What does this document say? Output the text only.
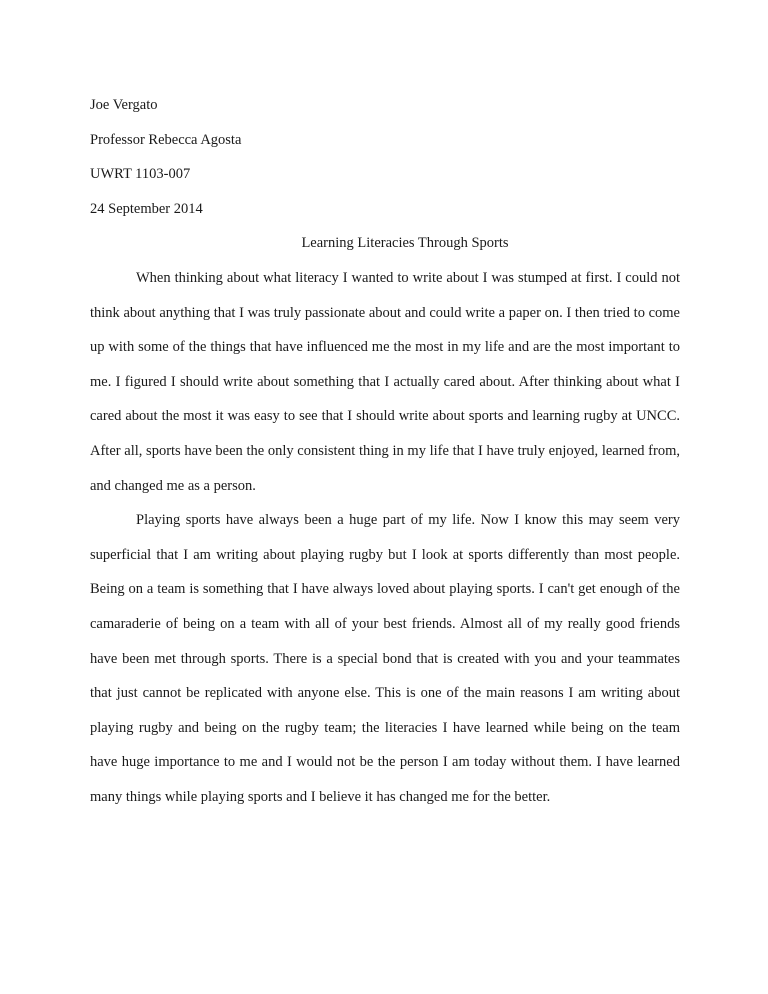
Joe Vergato
Professor Rebecca Agosta
UWRT 1103-007
24 September 2014
Learning Literacies Through Sports

When thinking about what literacy I wanted to write about I was stumped at first. I could not think about anything that I was truly passionate about and could write a paper on. I then tried to come up with some of the things that have influenced me the most in my life and are the most important to me. I figured I should write about something that I actually cared about. After thinking about what I cared about the most it was easy to see that I should write about sports and learning rugby at UNCC. After all, sports have been the only consistent thing in my life that I have truly enjoyed, learned from, and changed me as a person.

Playing sports have always been a huge part of my life. Now I know this may seem very superficial that I am writing about playing rugby but I look at sports differently than most people. Being on a team is something that I have always loved about playing sports. I can't get enough of the camaraderie of being on a team with all of your best friends. Almost all of my really good friends have been met through sports. There is a special bond that is created with you and your teammates that just cannot be replicated with anyone else. This is one of the main reasons I am writing about playing rugby and being on the rugby team; the literacies I have learned while being on the team have huge importance to me and I would not be the person I am today without them. I have learned many things while playing sports and I believe it has changed me for the better.
